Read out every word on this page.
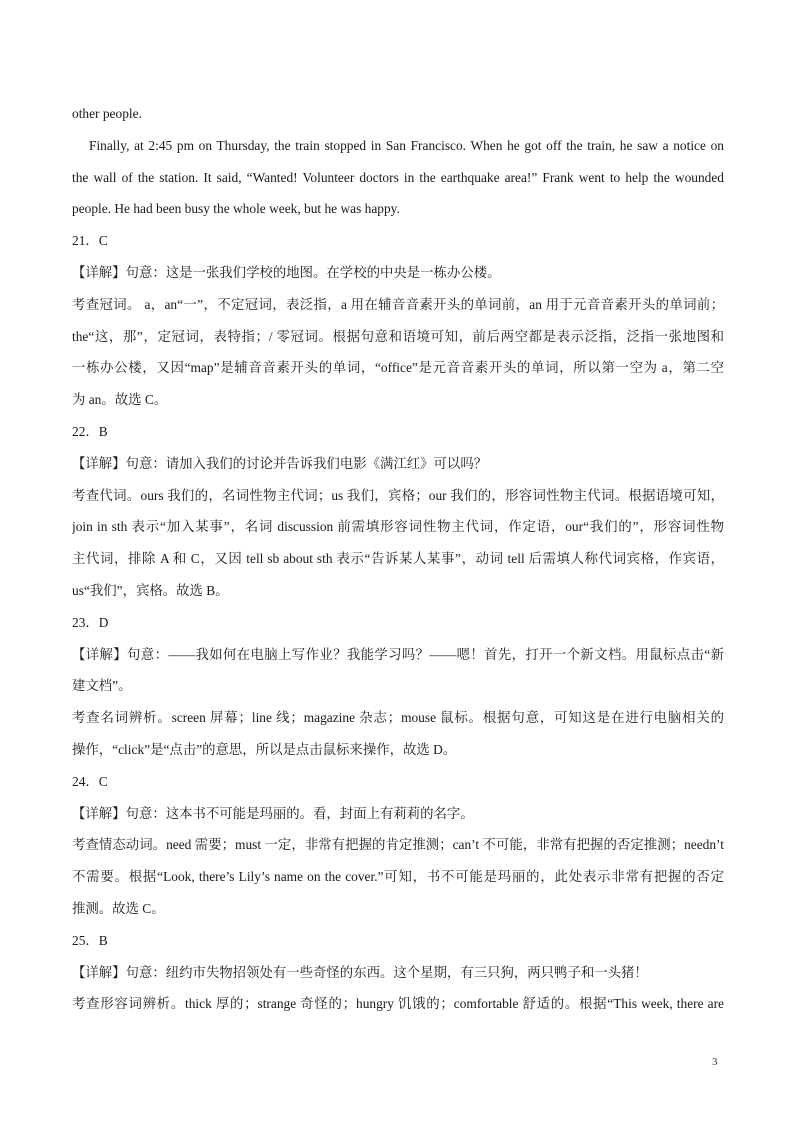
other people.
Finally, at 2:45 pm on Thursday, the train stopped in San Francisco. When he got off the train, he saw a notice on
the wall of the station. It said, “Wanted! Volunteer doctors in the earthquake area!” Frank went to help the wounded
people. He had been busy the whole week, but he was happy.
21．C
【详解】句意：这是一张我们学校的地图。在学校的中央是一栋办公楼。
考查冠词。 a，an“一”，不定冠词，表泛指，a 用在辅音音素开头的单词前，an 用于元音音素开头的单词前；
the“这，那”，定冠词，表特指；/ 零冠词。根据句意和语境可知，前后两空都是表示泛指，泛指一张地图和
一栋办公楼，又因“map”是辅音音素开头的单词，“office”是元音音素开头的单词，所以第一空为 a，第二空
为 an。故选 C。
22．B
【详解】句意：请加入我们的讨论并告诉我们电影《满江红》可以吗？
考查代词。ours 我们的，名词性物主代词；us 我们，宾格；our 我们的，形容词性物主代词。根据语境可知，
join in sth 表示“加入某事”，名词 discussion 前需填形容词性物主代词，作定语，our“我们的”，形容词性物
主代词，排除 A 和 C，又因 tell sb about sth 表示“告诉某人某事”，动词 tell 后需填人称代词宾格，作宾语，
us“我们”，宾格。故选 B。
23．D
【详解】句意：——我如何在电脑上写作业？我能学习吗？——嗯！首先，打开一个新文档。用鼠标点击“新
建文档”。
考查名词辨析。screen 屏幕；line 线；magazine 杂志；mouse 鼠标。根据句意，可知这是在进行电脑相关的
操作，“click”是“点击”的意思，所以是点击鼠标来操作，故选 D。
24．C
【详解】句意：这本书不可能是玛丽的。看，封面上有莉莉的名字。
考查情态动词。need 需要；must 一定，非常有把握的肯定推测；can’t 不可能，非常有把握的否定推测；needn’t
不需要。根据“Look, there’s Lily’s name on the cover.”可知，书不可能是玛丽的，此处表示非常有把握的否定
推测。故选 C。
25．B
【详解】句意：纽约市失物招领处有一些奇怪的东西。这个星期，有三只狗，两只鸭子和一头猪！
考查形容词辨析。thick 厚的；strange 奇怪的；hungry 饥饿的；comfortable 舒适的。根据“This week, there are
3
